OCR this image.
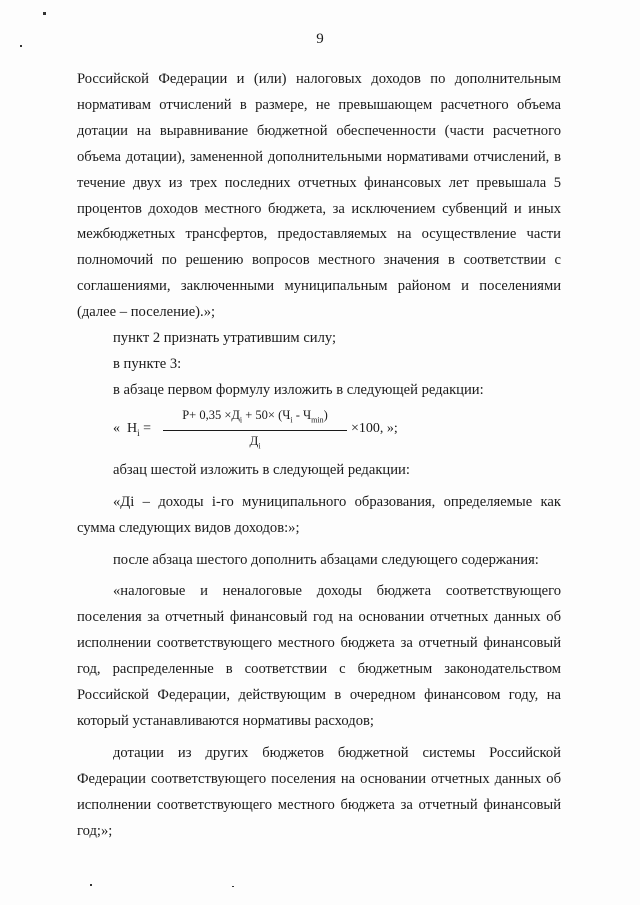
9

Российской Федерации и (или) налоговых доходов по дополнительным нормативам отчислений в размере, не превышающем расчетного объема дотации на выравнивание бюджетной обеспеченности (части расчетного объема дотации), замененной дополнительными нормативами отчислений, в течение двух из трех последних отчетных финансовых лет превышала 5 процентов доходов местного бюджета, за исключением субвенций и иных межбюджетных трансфертов, предоставляемых на осуществление части полномочий по решению вопросов местного значения в соответствии с соглашениями, заключенными муниципальным районом и поселениями (далее – поселение).»;

пункт 2 признать утратившим силу;

в пункте 3:

в абзаце первом формулу изложить в следующей редакции:

« $Н_i$ =
$Р+ 0,35 \times Д_i + 50\times (Ч_i - Ч_{min})$
$Д_i$
×100, »;

абзац шестой изложить в следующей редакции:

«Дi – доходы i-го муниципального образования, определяемые как сумма следующих видов доходов:»;

после абзаца шестого дополнить абзацами следующего содержания:

«налоговые и неналоговые доходы бюджета соответствующего поселения за отчетный финансовый год на основании отчетных данных об исполнении соответствующего местного бюджета за отчетный финансовый год, распределенные в соответствии с бюджетным законодательством Российской Федерации, действующим в очередном финансовом году, на который устанавливаются нормативы расходов;

дотации из других бюджетов бюджетной системы Российской Федерации соответствующего поселения на основании отчетных данных об исполнении соответствующего местного бюджета за отчетный финансовый год;»;
